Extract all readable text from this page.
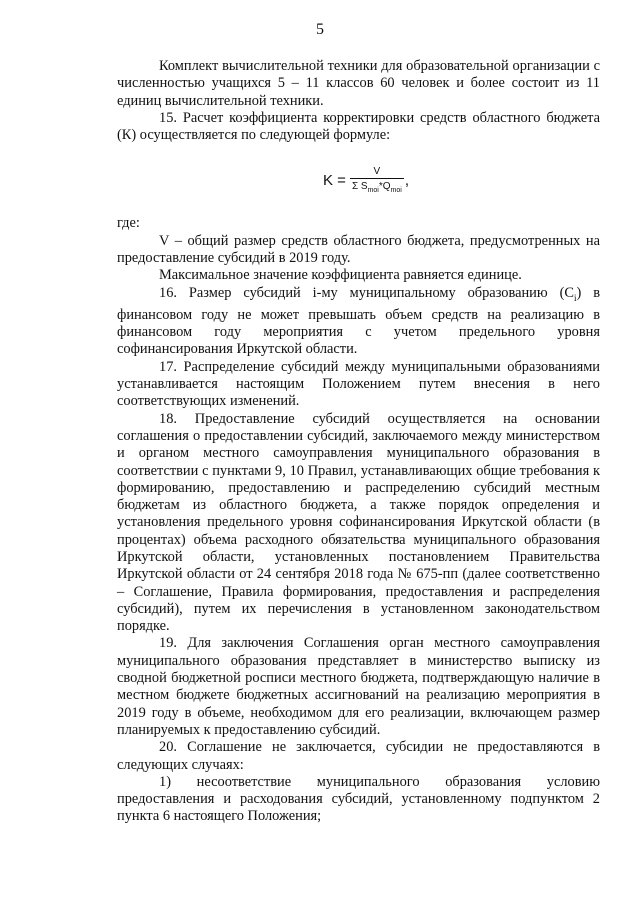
5

Комплект вычислительной техники для образовательной организации с численностью учащихся 5 – 11 классов 60 человек и более состоит из 11 единиц вычислительной техники.

15. Расчет коэффициента корректировки средств областного бюджета (К) осуществляется по следующей формуле:

$K = \frac{V}{\Sigma S_{moi}*Q_{moi}}$ ,

где:

V – общий размер средств областного бюджета, предусмотренных на предоставление субсидий в 2019 году.

Максимальное значение коэффициента равняется единице.

16. Размер субсидий i-му муниципальному образованию $(C_i)$ в финансовом году не может превышать объем средств на реализацию в финансовом году мероприятия с учетом предельного уровня софинансирования Иркутской области.

17. Распределение субсидий между муниципальными образованиями устанавливается настоящим Положением путем внесения в него соответствующих изменений.

18. Предоставление субсидий осуществляется на основании соглашения о предоставлении субсидий, заключаемого между министерством и органом местного самоуправления муниципального образования в соответствии с пунктами 9, 10 Правил, устанавливающих общие требования к формированию, предоставлению и распределению субсидий местным бюджетам из областного бюджета, а также порядок определения и установления предельного уровня софинансирования Иркутской области (в процентах) объема расходного обязательства муниципального образования Иркутской области, установленных постановлением Правительства Иркутской области от 24 сентября 2018 года № 675-пп (далее соответственно – Соглашение, Правила формирования, предоставления и распределения субсидий), путем их перечисления в установленном законодательством порядке.

19. Для заключения Соглашения орган местного самоуправления муниципального образования представляет в министерство выписку из сводной бюджетной росписи местного бюджета, подтверждающую наличие в местном бюджете бюджетных ассигнований на реализацию мероприятия в 2019 году в объеме, необходимом для его реализации, включающем размер планируемых к предоставлению субсидий.

20. Соглашение не заключается, субсидии не предоставляются в следующих случаях:

1) несоответствие муниципального образования условию

предоставления и расходования субсидий, установленному подпунктом 2 пункта 6 настоящего Положения;
